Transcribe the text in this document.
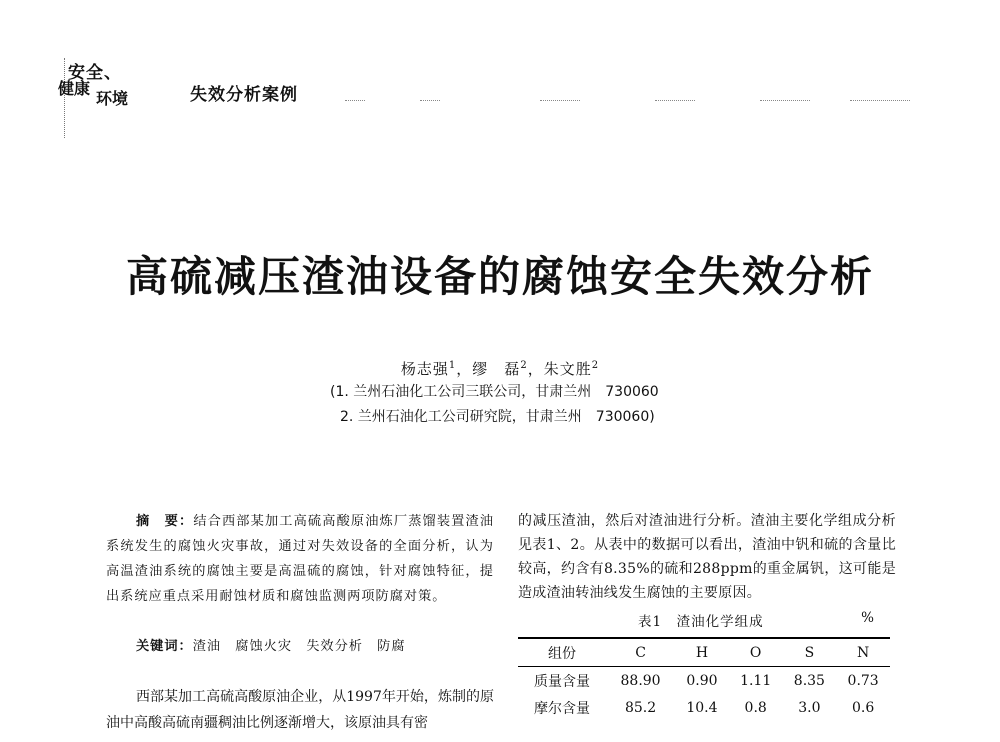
安全、
健康
环境	失效分析案例
高硫减压渣油设备的腐蚀安全失效分析
杨志强$^1$，缪　磊$^2$，朱文胜$^2$
(1. 兰州石油化工公司三联公司，甘肃兰州　730060
2. 兰州石油化工公司研究院，甘肃兰州　730060)
摘　要：结合西部某加工高硫高酸原油炼厂蒸馏装置渣油系统发生的腐蚀火灾事故，通过对失效设备的全面分析，认为高温渣油系统的腐蚀主要是高温硫的腐蚀，针对腐蚀特征，提出系统应重点采用耐蚀材质和腐蚀监测两项防腐对策。
关键词：渣油　腐蚀火灾　失效分析　防腐
西部某加工高硫高酸原油企业，从1997年开始，炼制的原油中高酸高硫南疆稠油比例逐渐增大，该原油具有密
的减压渣油，然后对渣油进行分析。渣油主要化学组成分析见表1、2。从表中的数据可以看出，渣油中钒和硫的含量比较高，约含有8.35%的硫和288ppm的重金属钒，这可能是造成渣油转油线发生腐蚀的主要原因。
表1　渣油化学组成	%
组份	C	H	O	S	N
质量含量	88.90	0.90	1.11	8.35	0.73
摩尔含量	85.2	10.4	0.8	3.0	0.6
